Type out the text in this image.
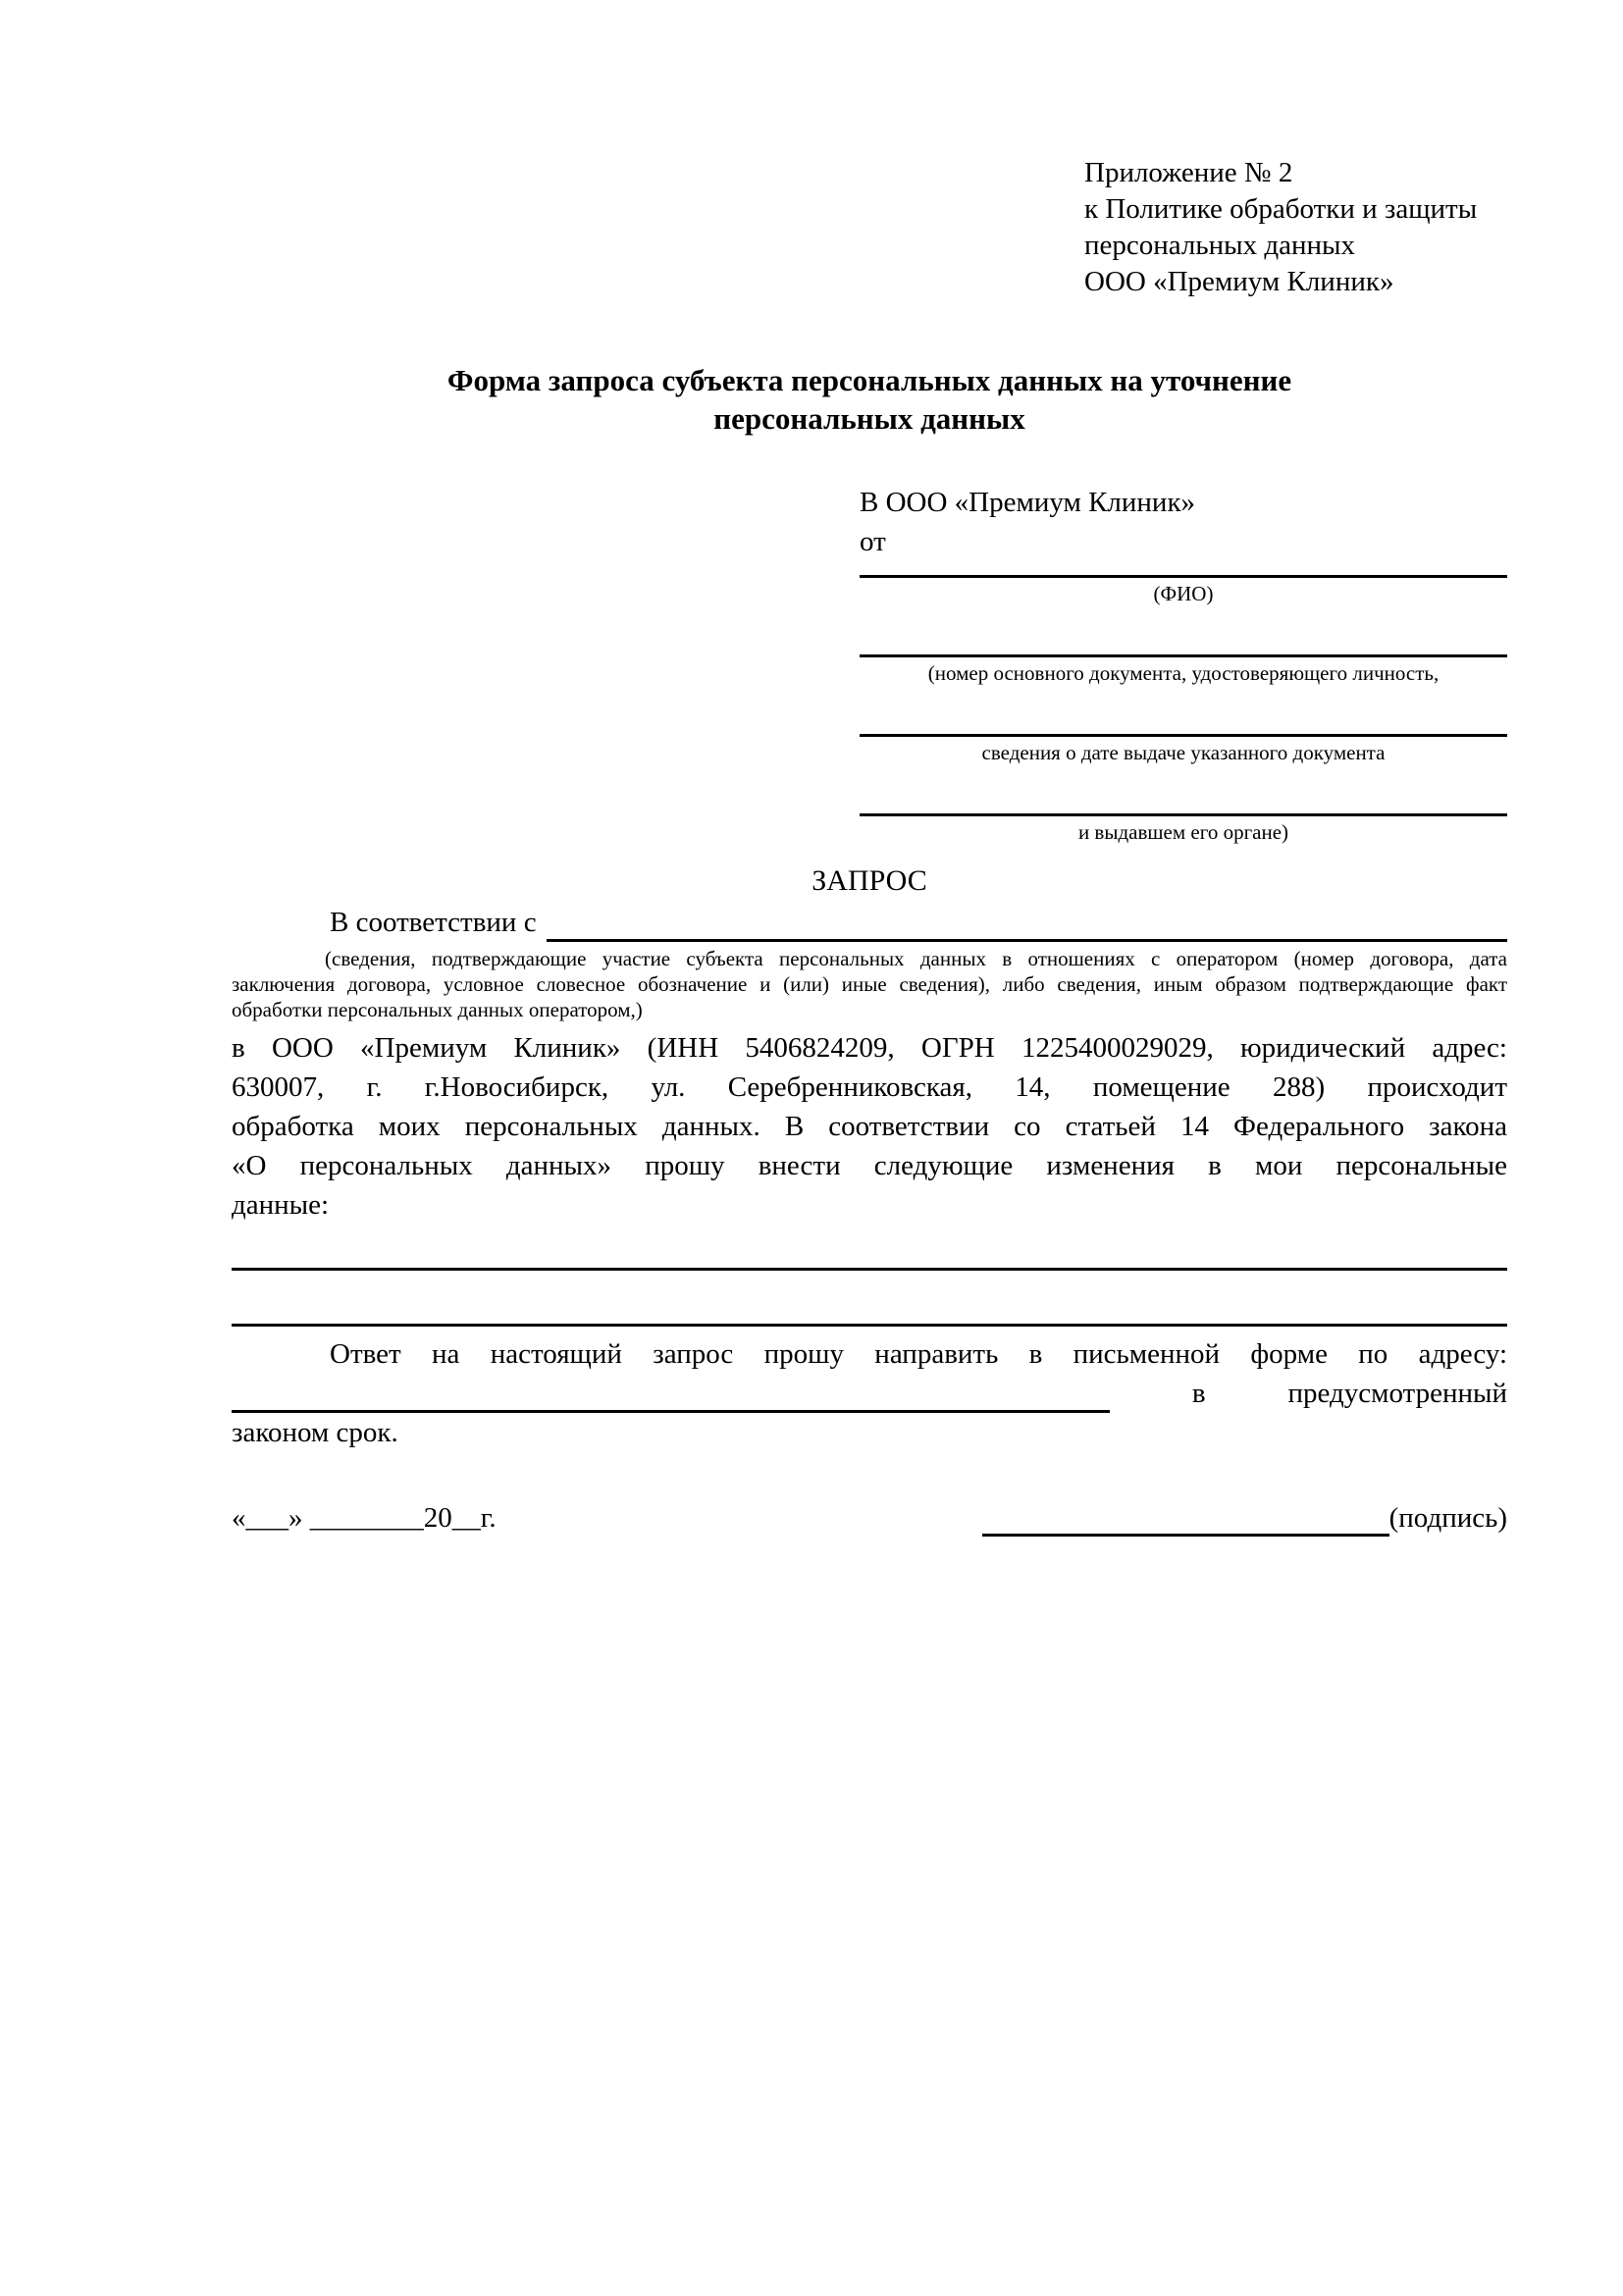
Приложение № 2
к Политике обработки и защиты
персональных данных
ООО «Премиум Клиник»
Форма запроса субъекта персональных данных на уточнение
персональных данных
В ООО «Премиум Клиник»
от
(ФИО)
(номер основного документа, удостоверяющего личность,
сведения о дате выдаче указанного документа
и выдавшем его органе)
ЗАПРОС
В соответствии с
(сведения, подтверждающие участие субъекта персональных данных в отношениях с оператором (номер договора, дата
заключения договора, условное словесное обозначение и (или) иные сведения), либо сведения, иным образом подтверждающие факт
обработки персональных данных оператором,)
в ООО «Премиум Клиник» (ИНН 5406824209, ОГРН 1225400029029, юридический адрес:
630007, г. г.Новосибирск, ул. Серебренниковская, 14, помещение 288) происходит
обработка моих персональных данных. В соответствии со статьей 14 Федерального закона
«О персональных данных» прошу внести следующие изменения в мои персональные
данные:
Ответ на настоящий запрос прошу направить в письменной форме по адресу:
в	предусмотренный
законом срок.
«___» ________20__г.	(подпись)
